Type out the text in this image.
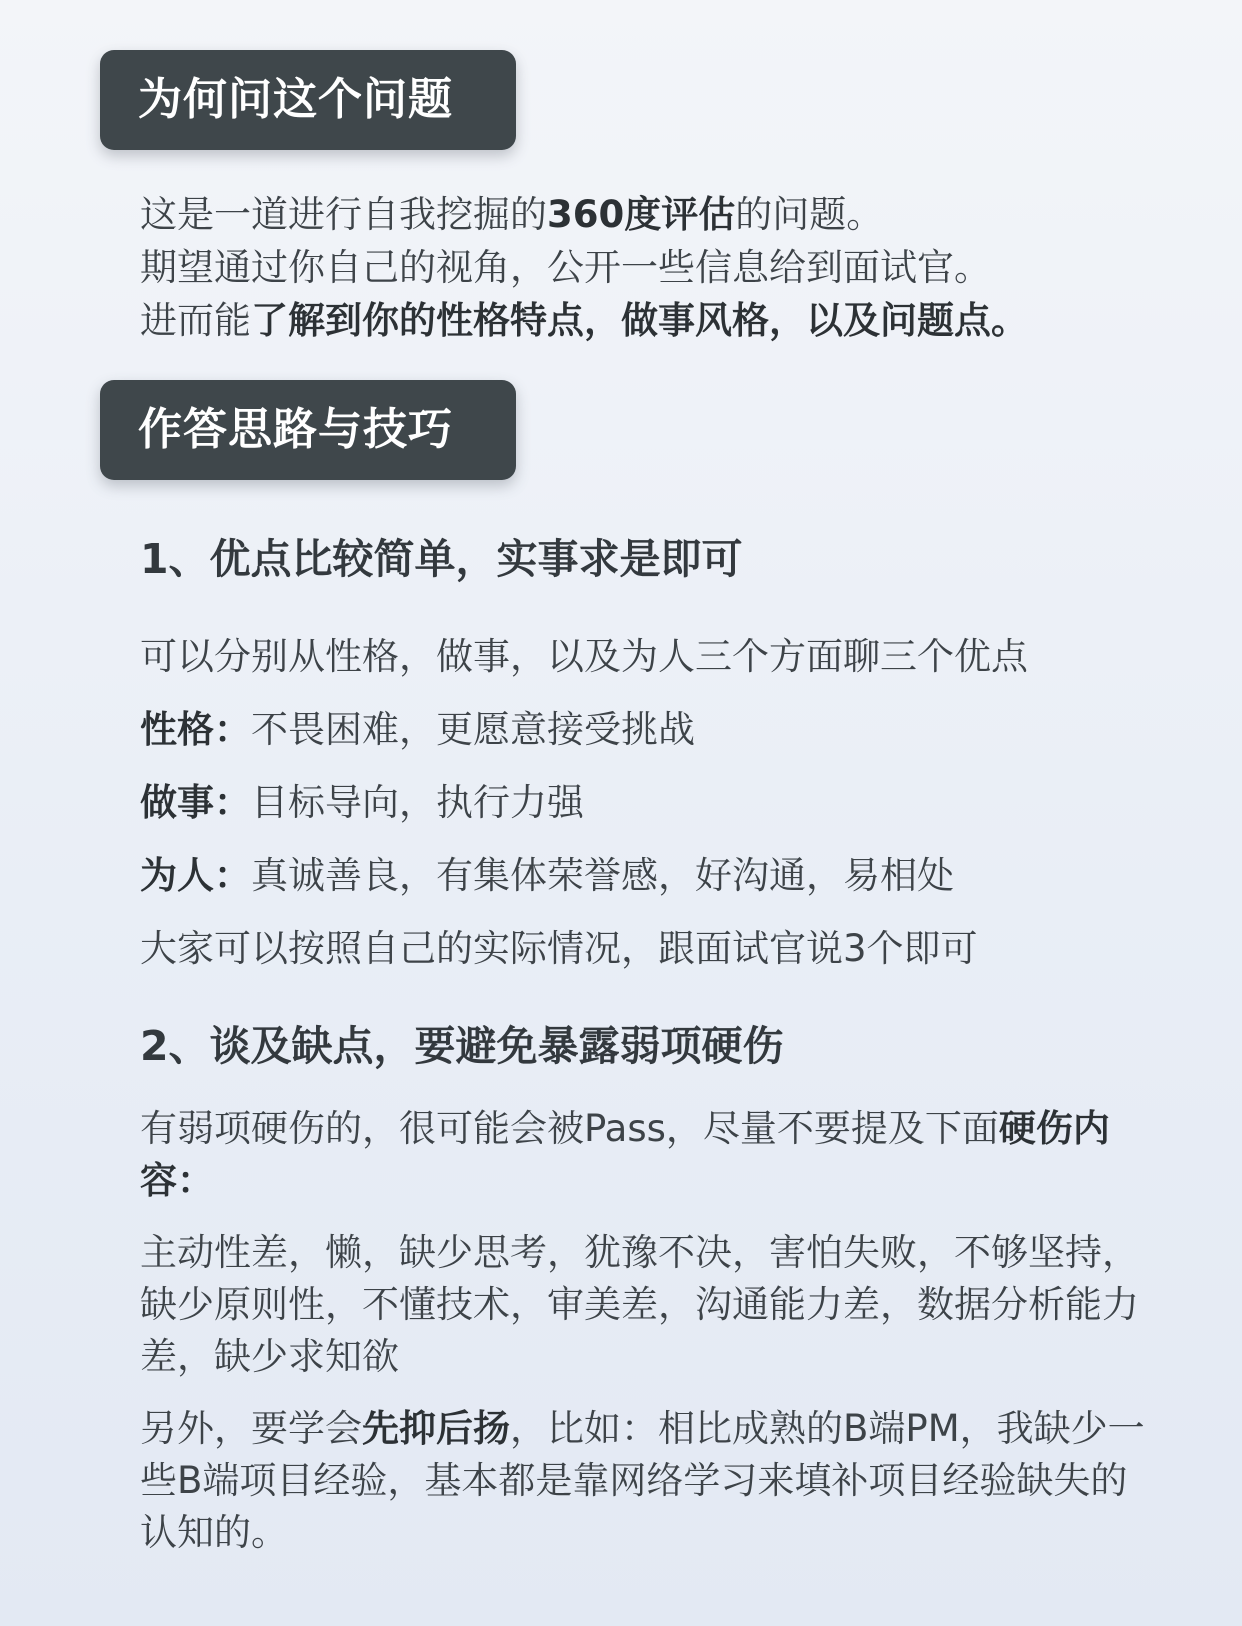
为何问这个问题

这是一道进行自我挖掘的360度评估的问题。

期望通过你自己的视角，公开一些信息给到面试官。

进而能了解到你的性格特点，做事风格，以及问题点。

作答思路与技巧
1、优点比较简单，实事求是即可

可以分别从性格，做事，以及为人三个方面聊三个优点

性格：不畏困难，更愿意接受挑战

做事：目标导向，执行力强

为人：真诚善良，有集体荣誉感，好沟通，易相处

大家可以按照自己的实际情况，跟面试官说3个即可

2、谈及缺点，要避免暴露弱项硬伤

有弱项硬伤的，很可能会被Pass，尽量不要提及下面硬伤内容：

主动性差，懒，缺少思考，犹豫不决，害怕失败，不够坚持，缺少原则性，不懂技术，审美差，沟通能力差，数据分析能力差，缺少求知欲

另外，要学会先抑后扬，比如：相比成熟的B端PM，我缺少一些B端项目经验，基本都是靠网络学习来填补项目经验缺失的认知的。
